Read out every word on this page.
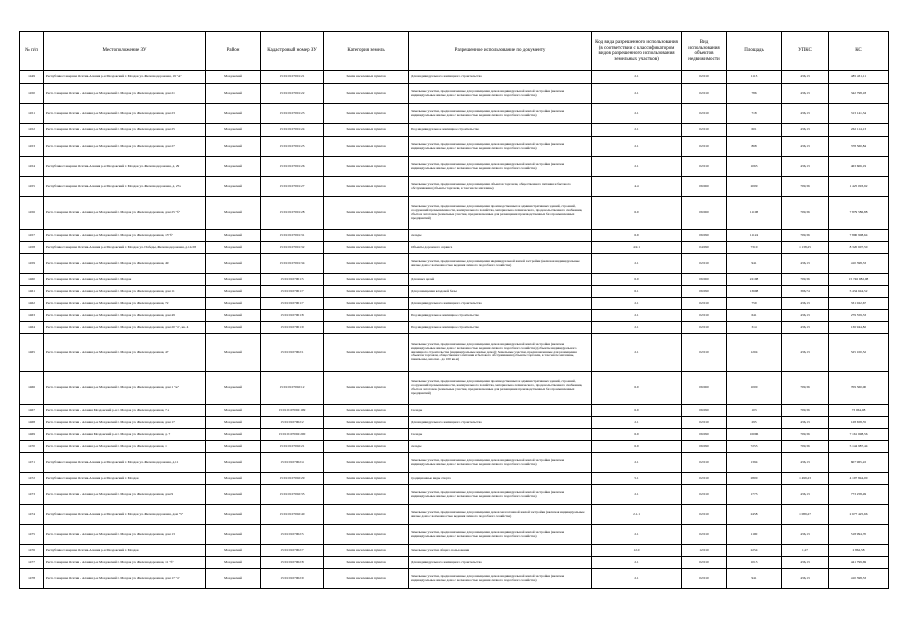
№ п/п	Местоположение ЗУ	Район	Кадастровый номер ЗУ	Категория земель	Разрешенное использование по документу	Код вида разрешенного использования (в соответствии с классификатором видов разрешенного использования земельных участков)	Вид использования объектов недвижимости	Площадь	УПКС	КС
1449	Республика Северная Осетия-Алания р-н Моздокский г. Моздок ул. Железнодорожная, 19 "А"	Моздокский	15:01:0107001:21	Земли населенных пунктов	Для индивидуального жилищного строительства	2.1	02:010	1113	436,13	485 431,11
1450	Респ. Северная Осетия - Алания р-н Моздокский г. Моздок ул. Железнодорожная, дом 21	Моздокский	15:01:0107001:22	Земли населенных пунктов	Земельные участки, предназначенные для размещения домов индивидуальной жилой застройки (включая индивидуальные жилые дома с возможностью ведения личного подсобного хозяйства)	2.1	02:010	786	436,13	342 798,18
1451	Респ. Северная Осетия - Алания р-н Моздокский г. Моздок ул. Железнодорожная, дом 23	Моздокский	15:01:0107001:23	Земли населенных пунктов	Земельные участки, предназначенные для размещения домов индивидуальной жилой застройки (включая индивидуальные жилые дома с возможностью ведения личного подсобного хозяйства)	2.1	02:010	718	436,13	313 141,34
1452	Респ. Северная Осетия - Алания р-н Моздокский г. Моздок ул. Железнодорожная, дом 25	Моздокский	15:01:0107001:24	Земли населенных пунктов	Под индивидуальное жилищное строительство	2.1	02:010	601	436,13	262 114,13
1453	Респ. Северная Осетия - Алания р-н Моздокский г. Моздок ул. Железнодорожная, дом 27	Моздокский	15:01:0107001:25	Земли населенных пунктов	Земельные участки, предназначенные для размещения домов индивидуальной жилой застройки (включая индивидуальные жилые дома с возможностью ведения личного подсобного хозяйства)	2.1	02:010	868	436,13	378 560,84
1454	Республика Северная Осетия-Алания р-н Моздокский г. Моздок ул. Железнодорожная, д. 29	Моздокский	15:01:0107001:26	Земли населенных пунктов	Земельные участки, предназначенные для размещения домов индивидуальной жилой застройки (включая индивидуальные жилые дома с возможностью ведения личного подсобного хозяйства)	2.1	02:010	1063	436,13	463 606,19
1455	Республика Северная Осетия-Алания р-н Моздокский г. Моздок ул. Железнодорожная, д. 27а	Моздокский	15:01:0107001:27	Земли населенных пунктов	Земельные участки, предназначенные для размещения объектов торговли, общественного питания и бытового обслуживания (объекты торговли, в том числе магазины)	4.4	06:060	2009	709,36	1 425 093,92
1456	Респ. Северная Осетия - Алания р-н Моздокский г. Моздок ул. Железнодорожная, дом 25 "б"	Моздокский	15:01:0107001:28	Земли населенных пунктов	Земельные участки, предназначенные для размещения производственных и административных зданий, строений, сооружений промышленности, коммунального хозяйства, материально-технического, продовольственного снабжения, сбыта и заготовок (земельные участки, предназначенные для размещения производственных баз промышленных предприятий)	6.0	06:060	11108	709,36	7 879 586,88
1457	Респ. Северная Осетия - Алания р-н Моздокский г. Моздок ул. Железнодорожная, 13"б"	Моздокский	15:01:0107001:31	Земли населенных пунктов	склады	6.9	06:090	11124	709,36	7 890 908,64
1458	Республика Северная Осетия-Алания р-н Моздокский г. Моздок ул. Победы, Железнодорожная, д.14-58	Моздокский	15:01:0107001:32	Земли населенных пунктов	Объекты дорожного сервиса	4.9.1	04:090	7310	1 138,25	8 320 607,50
1459	Респ. Северная Осетия - Алания р-н Моздокский г. Моздок ул. Железнодорожная, 49	Моздокский	15:01:0107001:34	Земли населенных пунктов	Земельные участки, предназначенные для размещения индивидуальной жилой застройки (включая индивидуальные жилые дома с возможностью ведения личного подсобного хозяйства)	2.1	02:010	941	436,13	410 398,33
1460	Респ. Северная Осетия - Алания р-н Моздокский г. Моздок	Моздокский	15:01:0107001:5	Земли населенных пунктов	Для иных целей	6.0	06:060	22198	709,36	15 746 082,08
1461	Респ. Северная Осетия - Алания р-н Моздокский г. Моздок ул. Железнодорожная, дом 11	Моздокский	15:01:0107001:7	Земли населенных пунктов	Для размещения кладовой базы	6.1	06:090	13698	396,74	5 434 644,52
1462	Респ. Северная Осетия - Алания р-н Моздокский г. Моздок ул. Железнодорожная, 72	Моздокский	15:01:0107001:7	Земли населенных пунктов	Для индивидуального жилищного строительства	2.1	02:010	759	436,13	331 022,67
1463	Респ. Северная Осетия - Алания р-н Моздокский г. Моздок ул. Железнодорожная, дом 49	Моздокский	15:01:0107001:8	Земли населенных пунктов	Под индивидуальное жилищное строительство	2.1	02:010	641	436,13	279 559,33
1464	Респ. Северная Осетия - Алания р-н Моздокский г. Моздок ул. Железнодорожная, дом 20 "а", кв. 4	Моздокский	15:01:0107001:9	Земли населенных пунктов	Под индивидуальное жилищное строительство	2.1	02:010	314	436,13	136 944,82
1465	Респ. Северная Осетия - Алания р-н Моздокский г. Моздок ул. Железнодорожная, 47	Моздокский	15:01:0107002:1	Земли населенных пунктов	Земельные участки, предназначенные для размещения домов индивидуальной жилой застройки (включая индивидуальные жилые дома с возможностью ведения личного подсобного хозяйства) (объекты индивидуального жилищного строительства (индивидуальные жилые дома)); Земельные участки, предназначенные для размещения объектов торговли, общественного питания и бытового обслуживания (объекты торговли, в том числе магазины, павильоны, киоски - до 100 кв.м)	2.1	02:010	1204	436,13	525 100,52
1466	Респ. Северная Осетия - Алания р-н Моздокский г. Моздок ул. Железнодорожная, дом 1 "ж"	Моздокский	15:01:0107002:12	Земли населенных пунктов	Земельные участки, предназначенные для размещения производственных и административных зданий, строений, сооружений промышленности, коммунального хозяйства, материально-технического, продовольственного снабжения, сбыта и заготовок (земельные участки, предназначенные для размещения производственных баз промышленных предприятий)	6.0	06:060	1000	709,36	709 360,00
1467	Респ. Северная Осетия - Алания Моздокский р-н г. Моздок ул. Железнодорожная, 7 а	Моздокский	15:01:0107002:199	Земли населенных пунктов	Склады	6.9	06:090	103	709,36	73 064,08
1468	Респ. Северная Осетия - Алания р-н Моздокский г. Моздок ул. Железнодорожная, дом 17	Моздокский	15:01:0107002:2	Земли населенных пунктов	Для индивидуального жилищного строительства	2.1	02:010	295	436,13	128 658,35
1469	Респ. Северная Осетия - Алания Моздокский р-н г. Моздок ул. Железнодорожная, д. 7	Моздокский	15:01:0107002:200	Земли населенных пунктов	Склады	6.9	06:090	10096	709,36	7 161 698,56
1470	Респ. Северная Осетия - Алания р-н Моздокский г. Моздок ул. Железнодорожная, 1	Моздокский	15:01:0107002:21	Земли населенных пунктов	склады	6.9	06:090	7253	709,36	5 144 987,44
1471	Республика Северная Осетия-Алания р-н Моздокский г. Моздок ул. Железнодорожная, д.11	Моздокский	15:01:0107002:4	Земли населенных пунктов	Земельные участки, предназначенные для размещения домов индивидуальной жилой застройки (включая индивидуальные жилые дома с возможностью ведения личного подсобного хозяйства)	2.1	02:010	1394	436,13	607 965,22
1472	Республика Северная Осетия-Алания р-н Моздокский г. Моздок	Моздокский	15:01:0107002:29	Земли населенных пунктов	традиционные виды спорта	5.1	02:010	2800	1 499,23	4 197 844,00
1473	Респ. Северная Осетия - Алания р-н Моздокский г. Моздок ул. Железнодорожная, дом 9	Моздокский	15:01:0107002:35	Земли населенных пунктов	Земельные участки, предназначенные для размещения домов индивидуальной жилой застройки (включая индивидуальные жилые дома с возможностью ведения личного подсобного хозяйства)	2.1	02:010	1773	436,13	773 258,49
1474	Республика Северная Осетия-Алания р-н Моздокский г. Моздок ул. Железнодорожная, дом "5"	Моздокский	15:01:0107002:40	Земли населенных пунктов	Земельные участки, предназначенные для размещения домов малоэтажной жилой застройки (включая индивидуальные жилые дома с возможностью ведения личного подсобного хозяйства)	2.1.1	02:010	2458	1 089,27	2 677 425,66
1475	Респ. Северная Осетия - Алания р-н Моздокский г. Моздок ул. Железнодорожная, дом 13	Моздокский	15:01:0107002:5	Земли населенных пунктов	Земельные участки, предназначенные для размещения домов индивидуальной жилой застройки (включая индивидуальные жилые дома с возможностью ведения личного подсобного хозяйства)	2.1	02:010	1190	436,13	518 994,70
1476	Республика Северная Осетия-Алания р-н Моздокский г. Моздок	Моздокский	15:01:0107002:7	Земли населенных пунктов	Земельные участки общего пользования	12.0	12:010	2254	1,27	2 862,58
1477	Респ. Северная Осетия - Алания р-н Моздокский г. Моздок ул. Железнодорожная, 11 "б"	Моздокский	15:01:0107002:8	Земли населенных пунктов	Для индивидуального жилищного строительства	2.1	02:010	1013	436,13	441 799,69
1478	Респ. Северная Осетия - Алания р-н Моздокский г. Моздок ул. Железнодорожная, дом 17 "а"	Моздокский	15:01:0107002:9	Земли населенных пунктов	Земельные участки, предназначенные для размещения домов индивидуальной жилой застройки (включая индивидуальные жилые дома с возможностью ведения личного подсобного хозяйства)	2.1	02:010	941	436,13	410 398,33
